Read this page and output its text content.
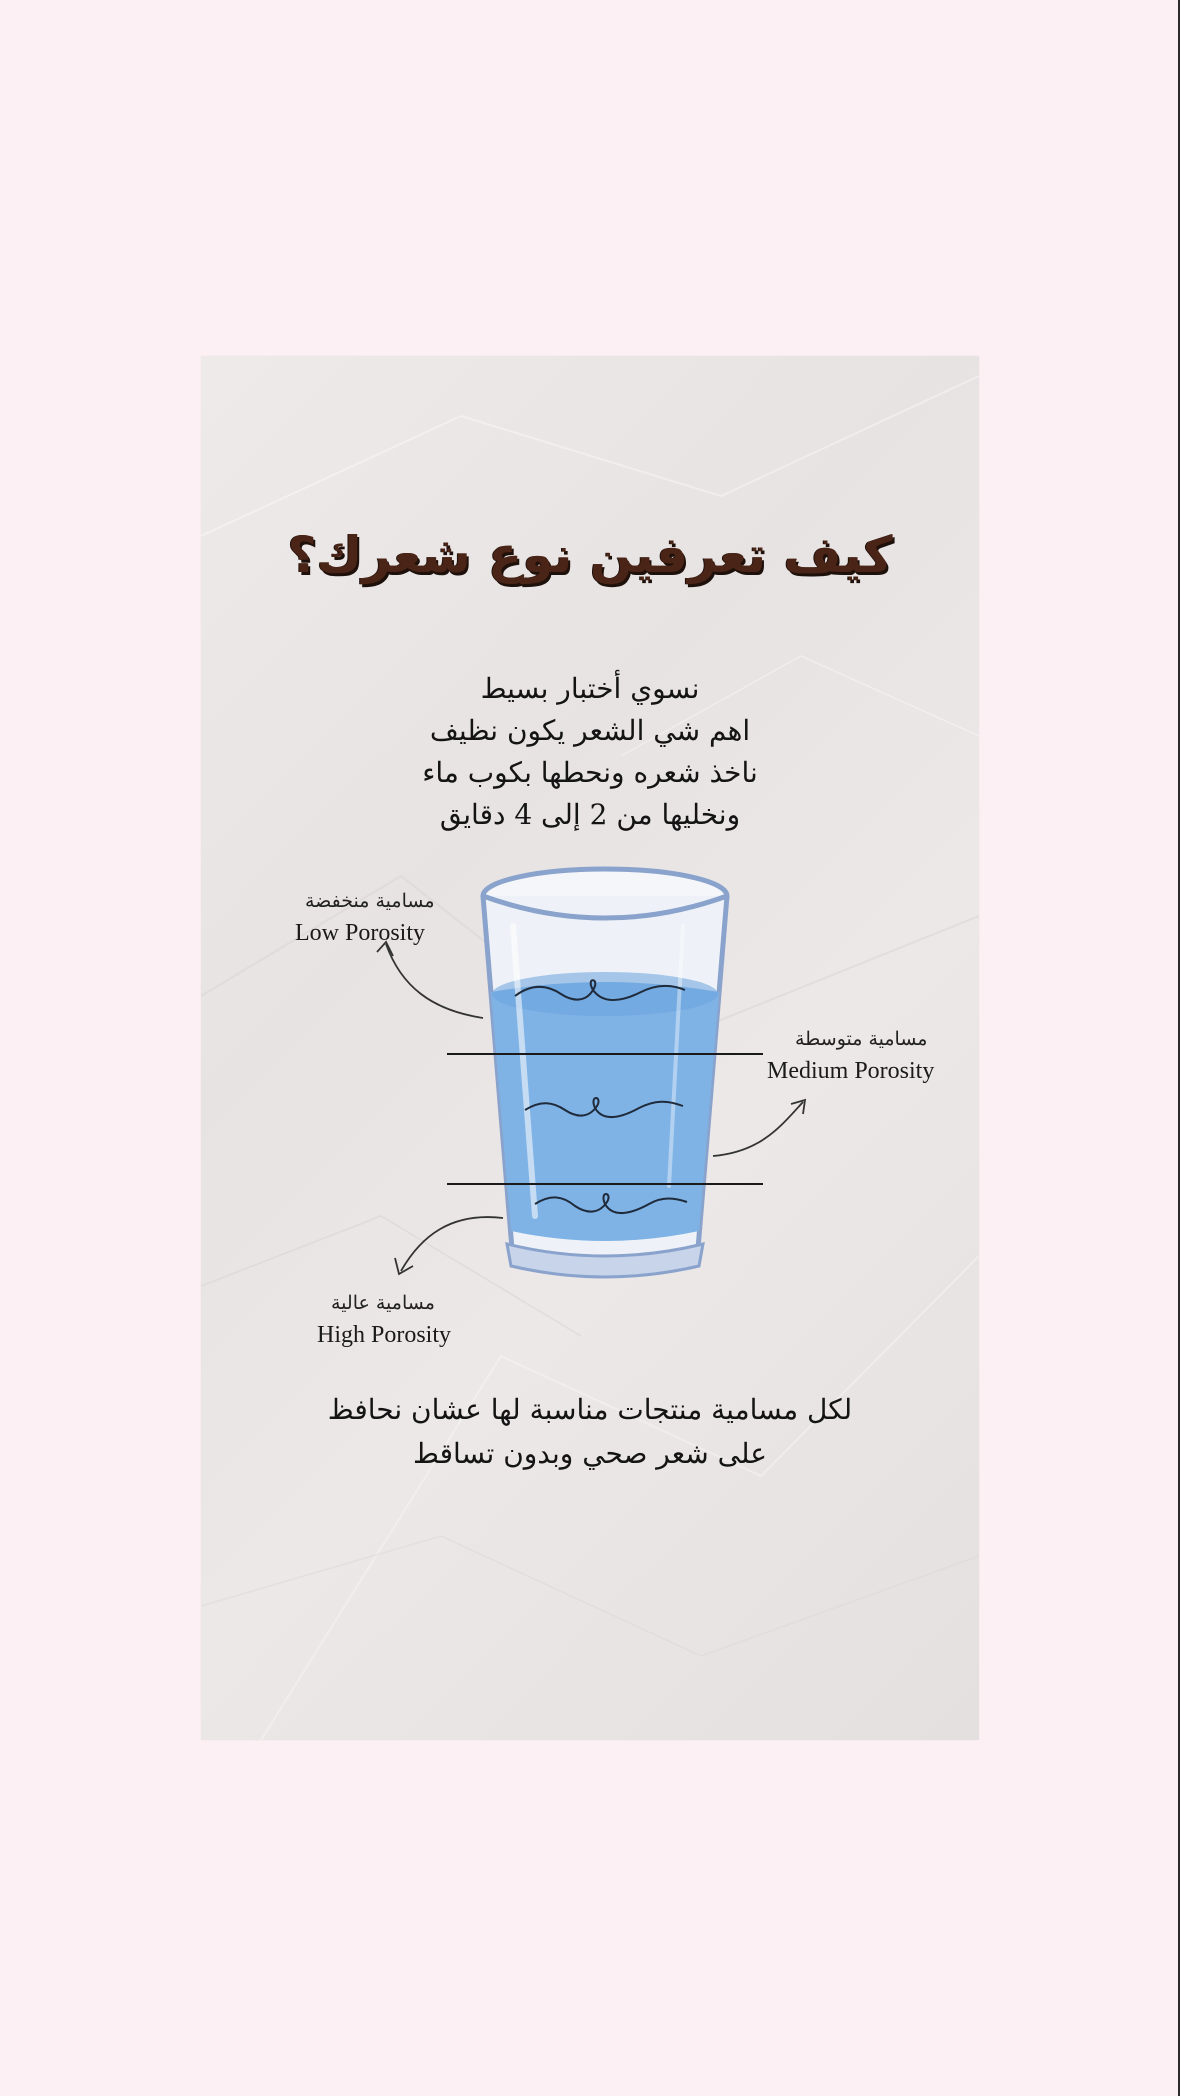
كيف تعرفين نوع شعرك؟
نسوي أختبار بسيط
اهم شي الشعر يكون نظيف
ناخذ شعره ونحطها بكوب ماء
ونخليها من 2 إلى 4 دقايق
مسامية منخفضة
Low Porosity
مسامية متوسطة
Medium Porosity
مسامية عالية
High Porosity
لكل مسامية منتجات مناسبة لها عشان نحافظ
على شعر صحي وبدون تساقط
